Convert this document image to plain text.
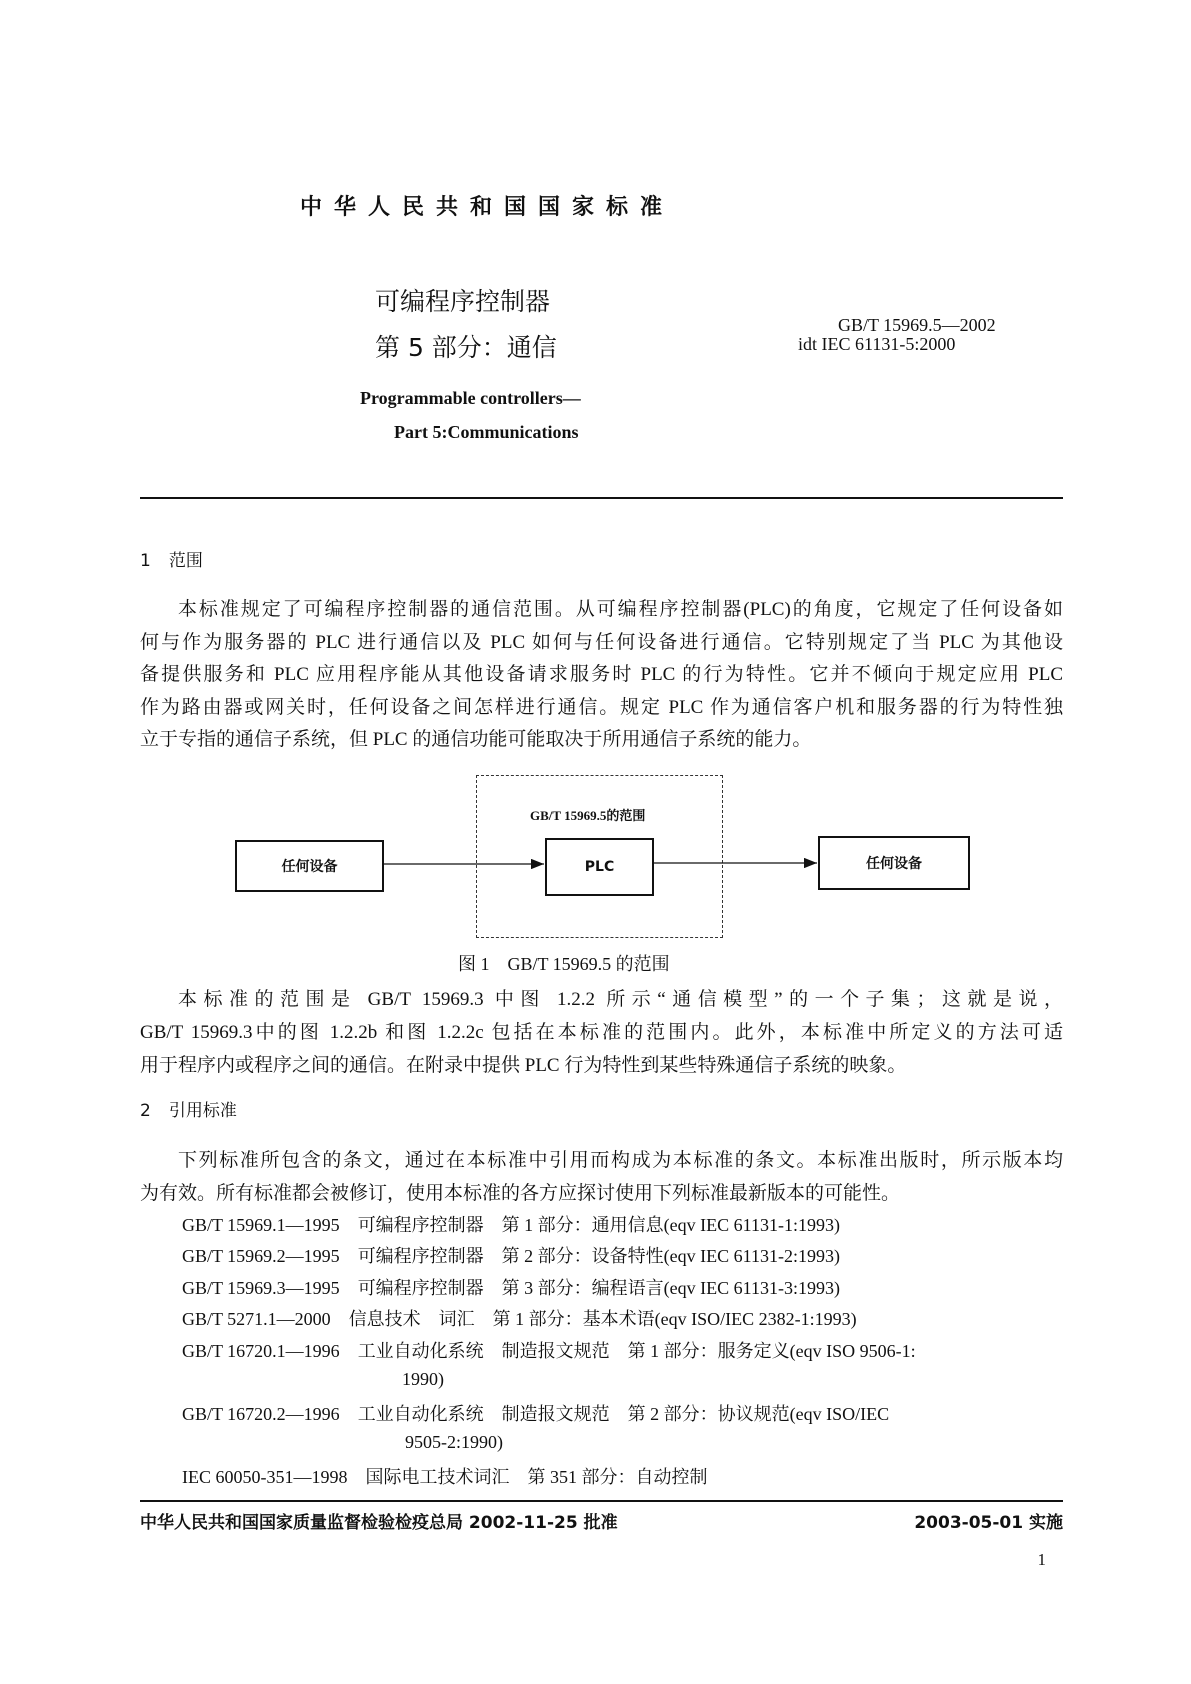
中华人民共和国国家标准
可编程序控制器
第 5 部分：通信
GB/T 15969.5—2002
idt IEC 61131-5:2000
Programmable controllers—
Part 5:Communications
1 范围
本标准规定了可编程序控制器的通信范围。从可编程序控制器(PLC)的角度，它规定了任何设备如
何与作为服务器的 PLC 进行通信以及 PLC 如何与任何设备进行通信。它特别规定了当 PLC 为其他设
备提供服务和 PLC 应用程序能从其他设备请求服务时 PLC 的行为特性。它并不倾向于规定应用 PLC
作为路由器或网关时，任何设备之间怎样进行通信。规定 PLC 作为通信客户机和服务器的行为特性独
立于专指的通信子系统，但 PLC 的通信功能可能取决于所用通信子系统的能力。
GB/T 15969.5的范围
任何设备	PLC	任何设备
图 1　GB/T 15969.5 的范围
本标准的范围是 GB/T 15969.3 中图 1.2.2 所示“通信模型”的一个子集；这就是说，
GB/T 15969.3中的图 1.2.2b 和图 1.2.2c 包括在本标准的范围内。此外，本标准中所定义的方法可适
用于程序内或程序之间的通信。在附录中提供 PLC 行为特性到某些特殊通信子系统的映象。
2 引用标准
下列标准所包含的条文，通过在本标准中引用而构成为本标准的条文。本标准出版时，所示版本均
为有效。所有标准都会被修订，使用本标准的各方应探讨使用下列标准最新版本的可能性。
GB/T 15969.1—1995 可编程序控制器　第 1 部分：通用信息(eqv IEC 61131-1:1993)
GB/T 15969.2—1995 可编程序控制器　第 2 部分：设备特性(eqv IEC 61131-2:1993)
GB/T 15969.3—1995 可编程序控制器　第 3 部分：编程语言(eqv IEC 61131-3:1993)
GB/T 5271.1—2000 信息技术　词汇　第 1 部分：基本术语(eqv ISO/IEC 2382-1:1993)
GB/T 16720.1—1996 工业自动化系统　制造报文规范　第 1 部分：服务定义(eqv ISO 9506-1:
1990)
GB/T 16720.2—1996 工业自动化系统　制造报文规范　第 2 部分：协议规范(eqv ISO/IEC
9505-2:1990)
IEC 60050-351—1998 国际电工技术词汇　第 351 部分：自动控制
中华人民共和国国家质量监督检验检疫总局 2002-11-25 批准	2003-05-01 实施
1
